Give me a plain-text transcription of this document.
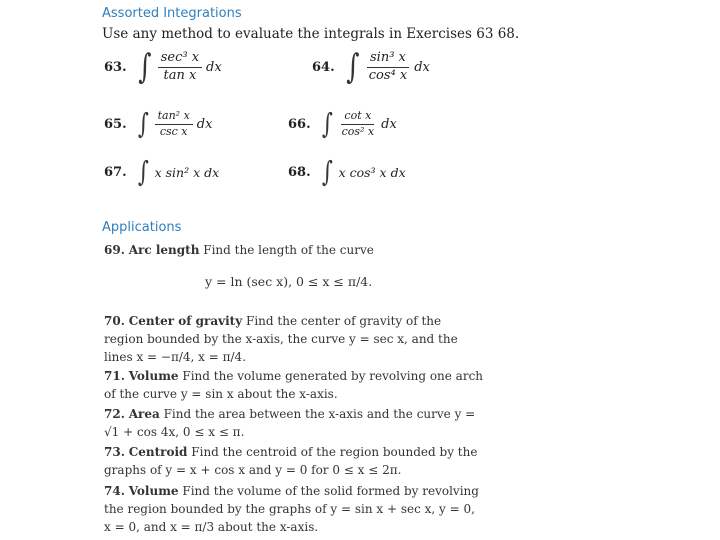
Assorted Integrations
Use any method to evaluate the integrals in Exercises 63 68.
63. ∫ $\frac{\text{sec³ x}}{\text{tan x}}$ dx	64. ∫ $\frac{\text{sin³ x}}{\text{cos⁴ x}}$ dx
65. ∫ $\frac{\text{tan² x}}{\text{csc x}}$ dx	66. ∫ $\frac{\text{cot x}}{\text{cos² x}}$ dx
67. ∫ x sin² x dx	68. ∫ x cos³ x dx
Applications
69. Arc length Find the length of the curve
y = ln (sec x), 0 ≤ x ≤ π/4.
70. Center of gravity Find the center of gravity of the region bounded by the x-axis, the curve y = sec x, and the lines x = −π/4, x = π/4.
71. Volume Find the volume generated by revolving one arch of the curve y = sin x about the x-axis.
72. Area Find the area between the x-axis and the curve y = √1 + cos 4x, 0 ≤ x ≤ π.
73. Centroid Find the centroid of the region bounded by the graphs of y = x + cos x and y = 0 for 0 ≤ x ≤ 2π.
74. Volume Find the volume of the solid formed by revolving the region bounded by the graphs of y = sin x + sec x, y = 0, x = 0, and x = π/3 about the x-axis.
